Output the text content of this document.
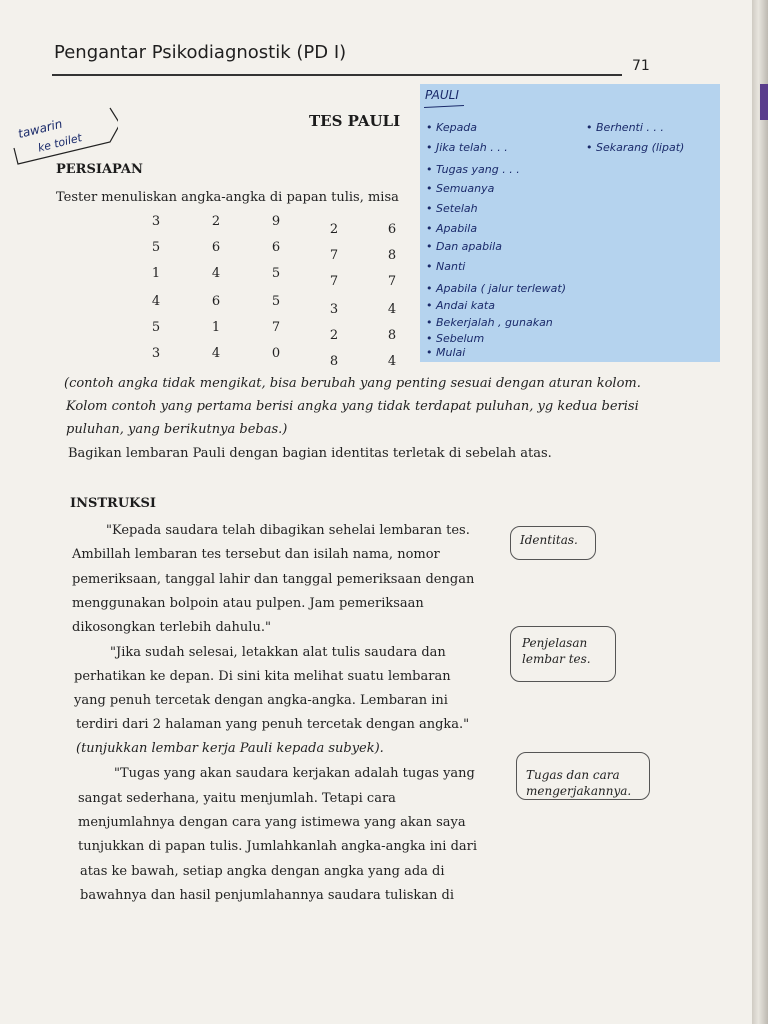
Pengantar Psikodiagnostik (PD I)
71
tawarin
ke toilet
TES PAULI
PAULI
• Kepada
• Jika telah . . .
• Tugas yang . . .
• Semuanya
• Setelah
• Apabila
• Dan apabila
• Nanti
• Apabila ( jalur terlewat)
• Andai kata
• Bekerjalah , gunakan
• Sebelum
• Mulai
• Berhenti . . .
• Sekarang (lipat)
PERSIAPAN
Tester menuliskan angka-angka di papan tulis, misa
3	2	9
2	6
5	6	6
7	8
1	4	5
7	7
4	6	5
3	4
5	1	7
2	8
3	4	0
8	4
(contoh angka tidak mengikat, bisa berubah yang penting sesuai dengan aturan kolom.
Kolom contoh yang pertama berisi angka yang tidak terdapat puluhan, yg kedua berisi
puluhan, yang berikutnya bebas.)
Bagikan lembaran Pauli dengan bagian identitas terletak di sebelah atas.
INSTRUKSI
"Kepada saudara telah dibagikan sehelai lembaran tes.
Ambillah lembaran tes tersebut dan isilah nama, nomor
pemeriksaan, tanggal lahir dan tanggal pemeriksaan dengan
menggunakan bolpoin atau pulpen. Jam pemeriksaan
dikosongkan terlebih dahulu."
"Jika sudah selesai, letakkan alat tulis saudara dan
perhatikan ke depan. Di sini kita melihat suatu lembaran
yang penuh tercetak dengan angka-angka. Lembaran ini
terdiri dari 2 halaman yang penuh tercetak dengan angka."
(tunjukkan lembar kerja Pauli kepada subyek).
"Tugas yang akan saudara kerjakan adalah tugas yang
sangat sederhana, yaitu menjumlah. Tetapi cara
menjumlahnya dengan cara yang istimewa yang akan saya
tunjukkan di papan tulis. Jumlahkanlah angka-angka ini dari
atas ke bawah, setiap angka dengan angka yang ada di
bawahnya dan hasil penjumlahannya saudara tuliskan di
Identitas.
Penjelasan
lembar tes.
Tugas dan cara
mengerjakannya.
